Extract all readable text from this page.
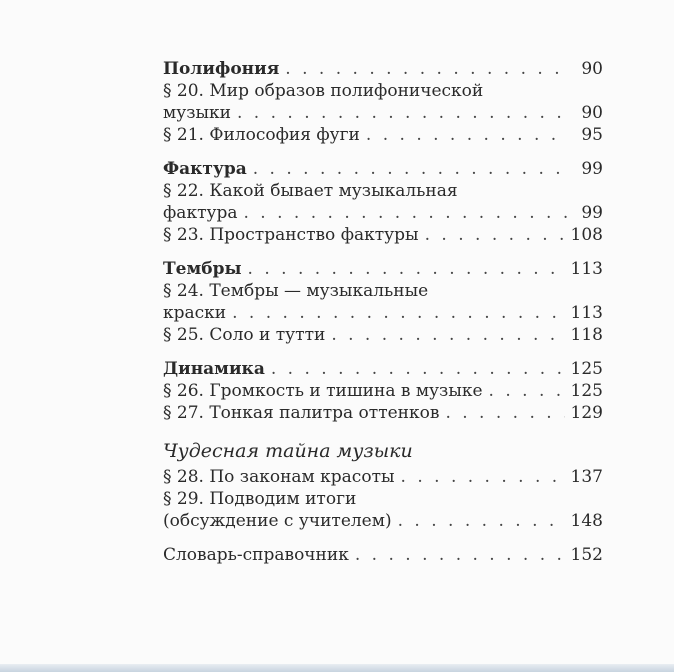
Полифония . . .	90
§ 20. Мир образов полифонической
музыки . . .	90
§ 21. Философия фуги . . .	95
Фактура . . .	99
§ 22. Какой бывает музыкальная
фактура . . .	99
§ 23. Пространство фактуры . . .	108
Тембры . . .	113
§ 24. Тембры — музыкальные
краски . . .	113
§ 25. Соло и тутти . . .	118
Динамика . . .	125
§ 26. Громкость и тишина в музыке . . .	125
§ 27. Тонкая палитра оттенков . . .	129
Чудесная тайна музыки
§ 28. По законам красоты . . .	137
§ 29. Подводим итоги
(обсуждение с учителем) . . .	148
Словарь-справочник . . .	152
